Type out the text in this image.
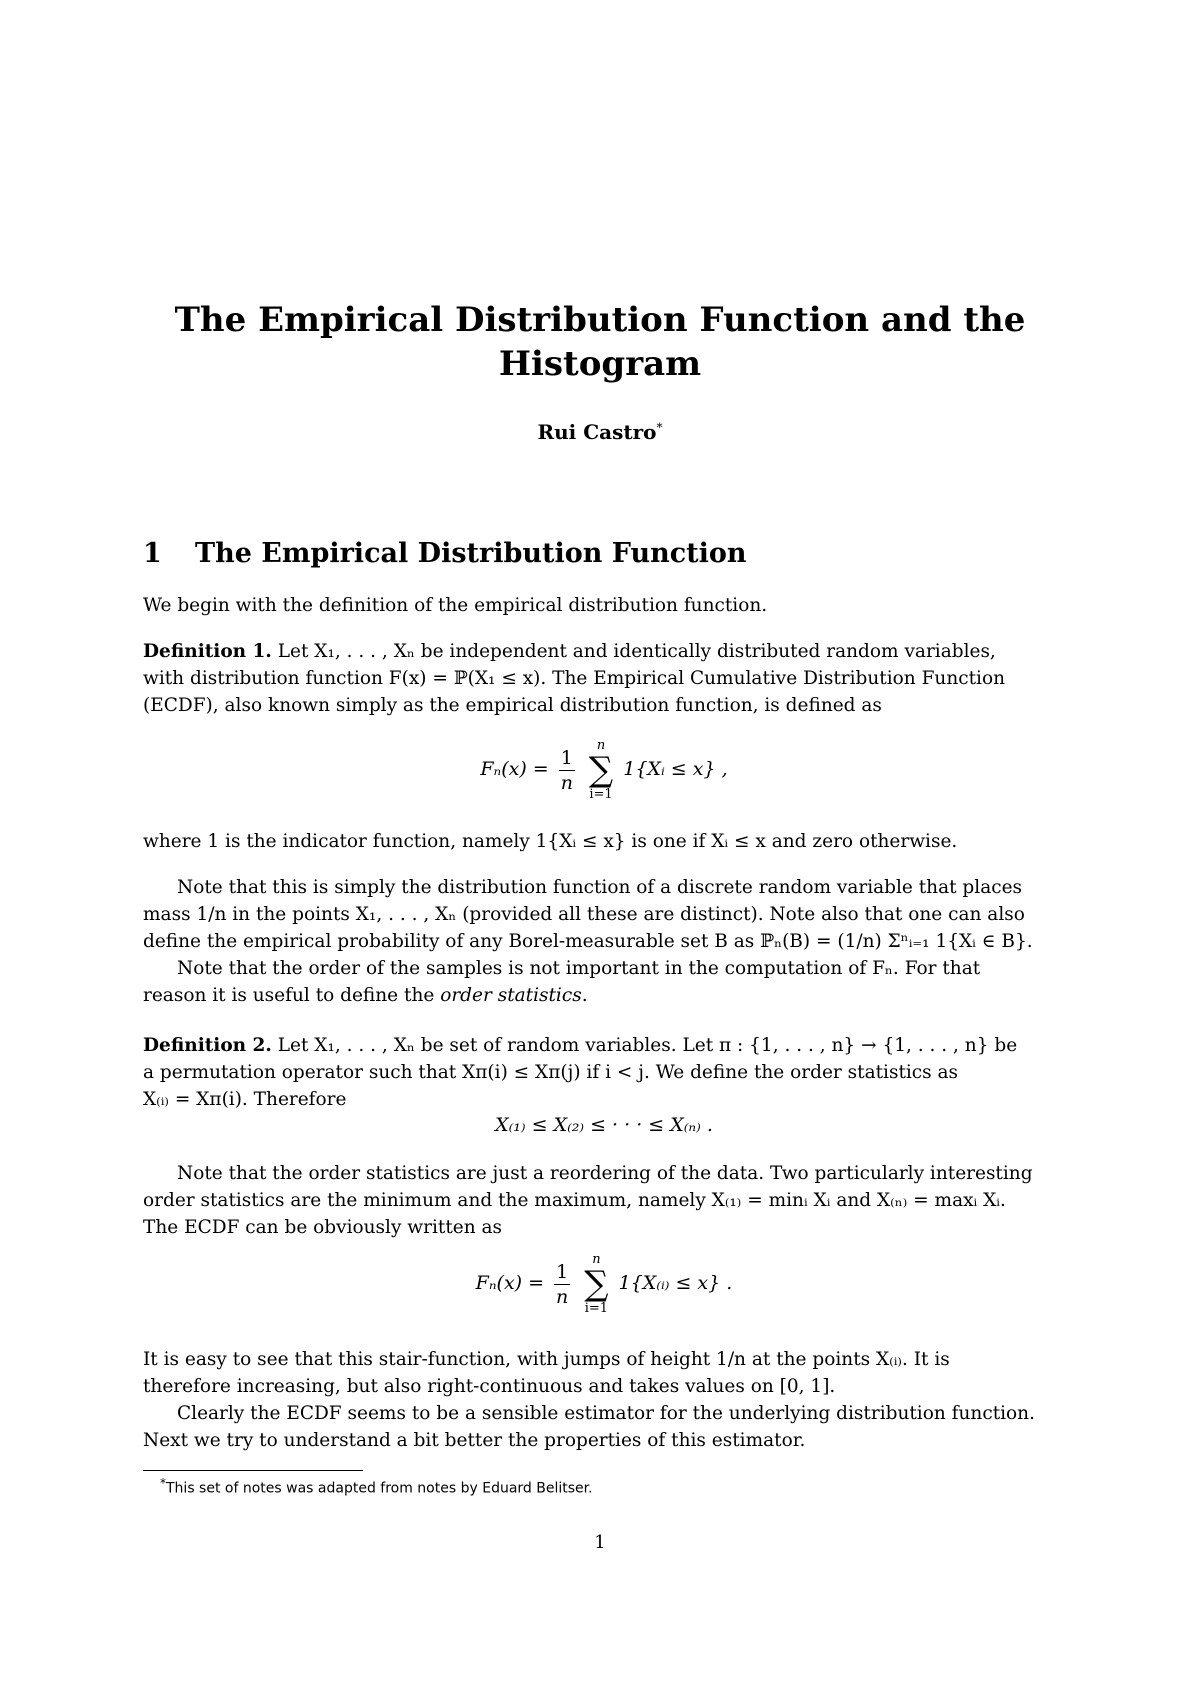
The Empirical Distribution Function and the
Histogram
Rui Castro*
1 The Empirical Distribution Function
We begin with the definition of the empirical distribution function.
Definition 1. Let X₁, . . . , Xₙ be independent and identically distributed random variables,
with distribution function F(x) = ℙ(X₁ ≤ x). The Empirical Cumulative Distribution Function
(ECDF), also known simply as the empirical distribution function, is defined as
$F_n(x) = \frac{1}{n}$
	n
∑
i=1
1{Xᵢ ≤ x} ,
where 1 is the indicator function, namely 1{Xᵢ ≤ x} is one if Xᵢ ≤ x and zero otherwise.
Note that this is simply the distribution function of a discrete random variable that places
mass 1/n in the points X₁, . . . , Xₙ (provided all these are distinct). Note also that one can also
define the empirical probability of any Borel-measurable set B as ℙₙ(B) = (1/n) Σⁿᵢ₌₁ 1{Xᵢ ∈ B}.
Note that the order of the samples is not important in the computation of Fₙ. For that
reason it is useful to define the order statistics.
Definition 2. Let X₁, . . . , Xₙ be set of random variables. Let π : {1, . . . , n} → {1, . . . , n} be
a permutation operator such that Xπ(i) ≤ Xπ(j) if i < j. We define the order statistics as
X₍ᵢ₎ = Xπ(i). Therefore
X₍₁₎ ≤ X₍₂₎ ≤ · · · ≤ X₍ₙ₎ .
Note that the order statistics are just a reordering of the data. Two particularly interesting
order statistics are the minimum and the maximum, namely X₍₁₎ = minᵢ Xᵢ and X₍ₙ₎ = maxᵢ Xᵢ.
The ECDF can be obviously written as
$F_n(x) = \frac{1}{n}$
	n
∑
i=1
1{X₍ᵢ₎ ≤ x} .
It is easy to see that this stair-function, with jumps of height 1/n at the points X₍ᵢ₎. It is
therefore increasing, but also right-continuous and takes values on [0, 1].
Clearly the ECDF seems to be a sensible estimator for the underlying distribution function.
Next we try to understand a bit better the properties of this estimator.
*This set of notes was adapted from notes by Eduard Belitser.
1
